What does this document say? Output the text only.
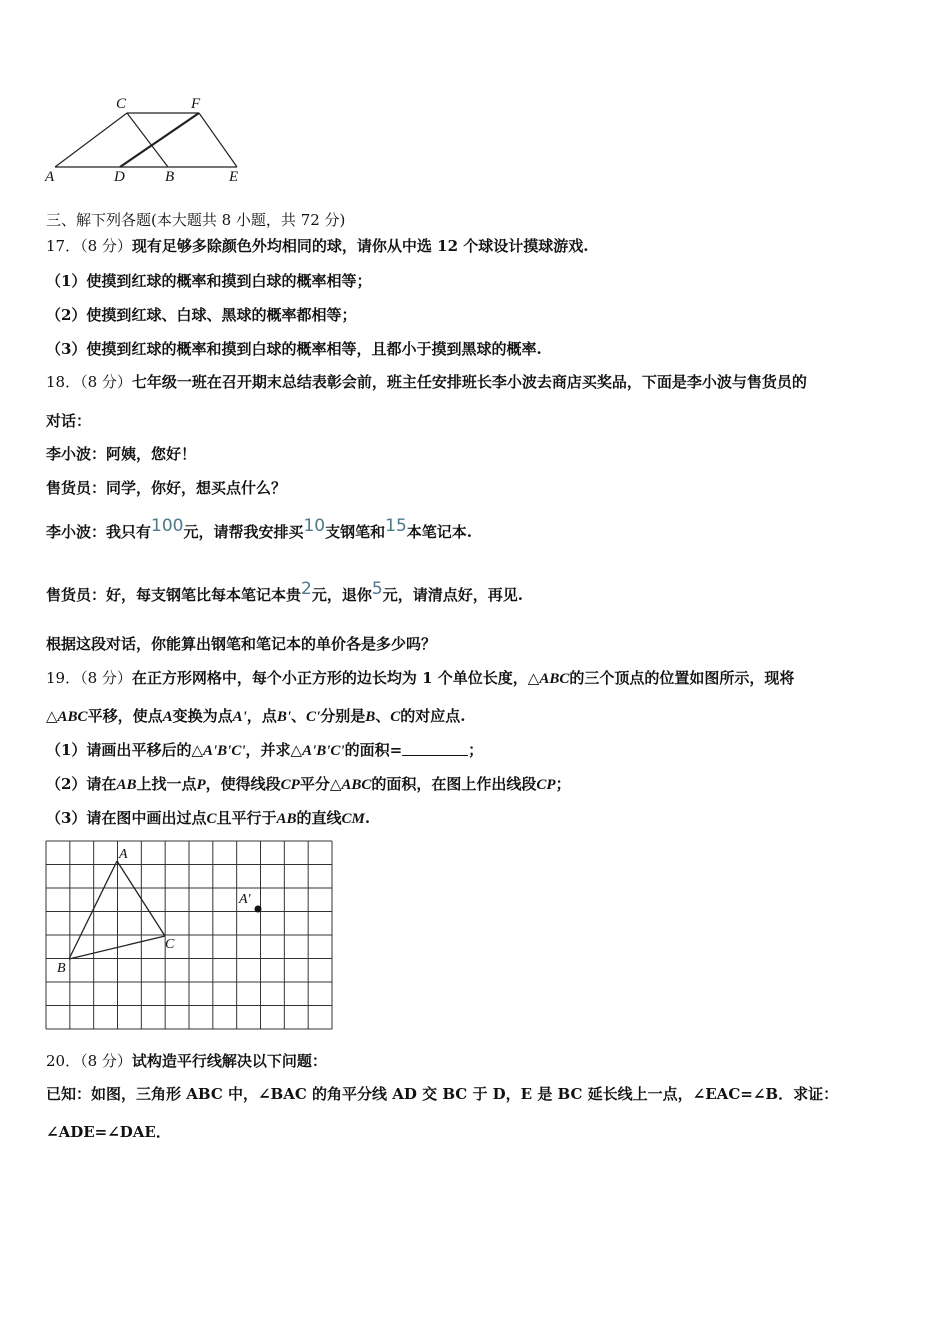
C	F
A	D	B	E
三、解下列各题(本大题共 8 小题，共 72 分)
17．（8 分）现有足够多除颜色外均相同的球，请你从中选 12 个球设计摸球游戏.
（1）使摸到红球的概率和摸到白球的概率相等；
（2）使摸到红球、白球、黑球的概率都相等；
（3）使摸到红球的概率和摸到白球的概率相等，且都小于摸到黑球的概率.
18．（8 分）七年级一班在召开期末总结表彰会前，班主任安排班长李小波去商店买奖品，下面是李小波与售货员的
对话：
李小波：阿姨，您好！
售货员：同学，你好，想买点什么？
李小波：我只有100元，请帮我安排买10支钢笔和15本笔记本.
售货员：好，每支钢笔比每本笔记本贵2元，退你5元，请清点好，再见.
根据这段对话，你能算出钢笔和笔记本的单价各是多少吗？
19．（8 分）在正方形网格中，每个小正方形的边长均为 1 个单位长度，△ABC的三个顶点的位置如图所示，现将
△ABC平移，使点A变换为点A'，点B'、C'分别是B、C的对应点.
（1）请画出平移后的△A'B'C'，并求△A'B'C'的面积=	；
（2）请在AB上找一点P，使得线段CP平分△ABC的面积，在图上作出线段CP；
（3）请在图中画出过点C且平行于AB的直线CM.
A
B
C
A'
20．（8 分）试构造平行线解决以下问题：
已知：如图，三角形 ABC 中，∠BAC 的角平分线 AD 交 BC 于 D，E 是 BC 延长线上一点，∠EAC=∠B．求证：
∠ADE=∠DAE．
